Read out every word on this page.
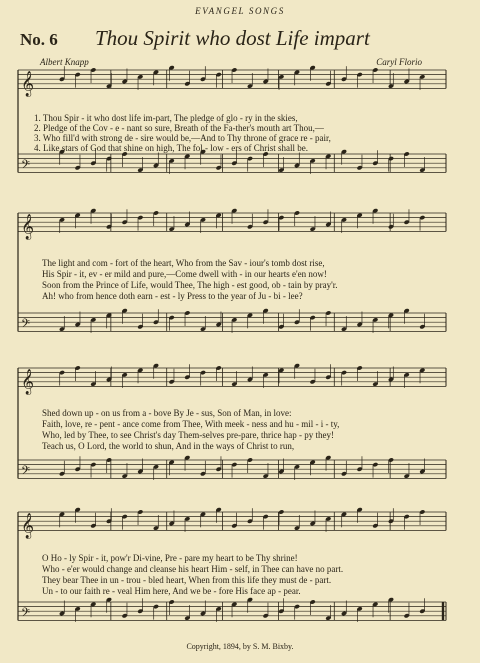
EVANGEL SONGS
No. 6 Thou Spirit who dost Life impart
Albert Knapp	Caryl Florio
𝄞
𝄢
𝄞
𝄢
𝄞
𝄢
𝄞
𝄢
1. Thou Spir - it who dost life im-part, The pledge of glo - ry in the skies,
2. Pledge of the Cov - e - nant so sure, Breath of the Fa-ther's mouth art Thou,—
3. Who fill'd with strong de - sire would be,—And to Thy throne of grace re - pair,
4. Like stars of God that shine on high, The fol - low - ers of Christ shall be.
The light and com - fort of the heart, Who from the Sav - iour's tomb dost rise,
His Spir - it, ev - er mild and pure,—Come dwell with - in our hearts e'en now!
Soon from the Prince of Life, would Thee, The high - est good, ob - tain by pray'r.
Ah! who from hence doth earn - est - ly Press to the year of Ju - bi - lee?
Shed down up - on us from a - bove By Je - sus, Son of Man, in love:
Faith, love, re - pent - ance come from Thee, With meek - ness and hu - mil - i - ty,
Who, led by Thee, to see Christ's day Them-selves pre-pare, thrice hap - py they!
Teach us, O Lord, the world to shun, And in the ways of Christ to run,
O Ho - ly Spir - it, pow'r Di-vine, Pre - pare my heart to be Thy shrine!
Who - e'er would change and cleanse his heart Him - self, in Thee can have no part.
They bear Thee in un - trou - bled heart, When from this life they must de - part.
Un - to our faith re - veal Him here, And we be - fore His face ap - pear.
Copyright, 1894, by S. M. Bixby.
